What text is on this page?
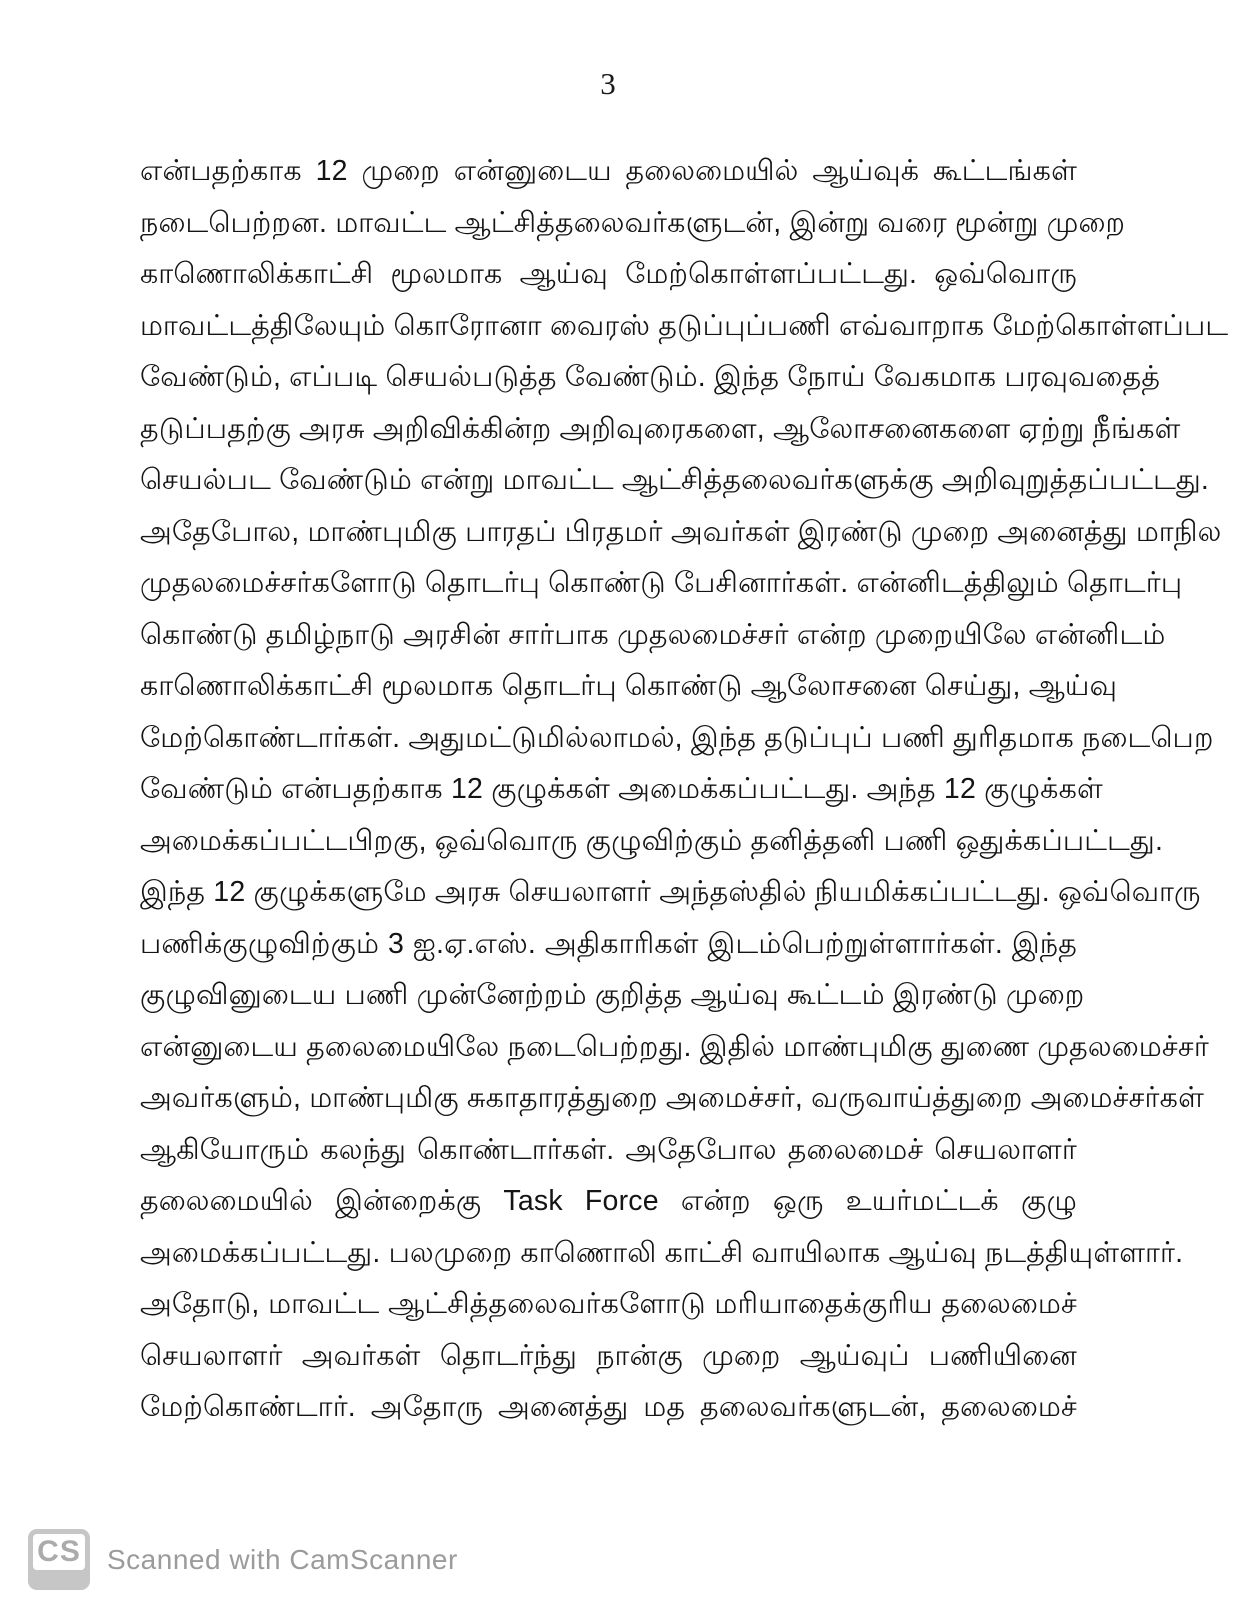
3
என்பதற்காக 12 முறை என்னுடைய தலைமையில் ஆய்வுக் கூட்டங்கள்
நடைபெற்றன. மாவட்ட ஆட்சித்தலைவர்களுடன், இன்று வரை மூன்று முறை
காணொலிக்காட்சி மூலமாக ஆய்வு மேற்கொள்ளப்பட்டது. ஒவ்வொரு
மாவட்டத்திலேயும் கொரோனா வைரஸ் தடுப்புப்பணி எவ்வாறாக மேற்கொள்ளப்பட
வேண்டும், எப்படி செயல்படுத்த வேண்டும். இந்த நோய் வேகமாக பரவுவதைத்
தடுப்பதற்கு அரசு அறிவிக்கின்ற அறிவுரைகளை, ஆலோசனைகளை ஏற்று நீங்கள்
செயல்பட வேண்டும் என்று மாவட்ட ஆட்சித்தலைவர்களுக்கு அறிவுறுத்தப்பட்டது.
அதேபோல, மாண்புமிகு பாரதப் பிரதமர் அவர்கள் இரண்டு முறை அனைத்து மாநில
முதலமைச்சர்களோடு தொடர்பு கொண்டு பேசினார்கள். என்னிடத்திலும் தொடர்பு
கொண்டு தமிழ்நாடு அரசின் சார்பாக முதலமைச்சர் என்ற முறையிலே என்னிடம்
காணொலிக்காட்சி மூலமாக தொடர்பு கொண்டு ஆலோசனை செய்து, ஆய்வு
மேற்கொண்டார்கள். அதுமட்டுமில்லாமல், இந்த தடுப்புப் பணி துரிதமாக நடைபெற
வேண்டும் என்பதற்காக 12 குழுக்கள் அமைக்கப்பட்டது. அந்த 12 குழுக்கள்
அமைக்கப்பட்டபிறகு, ஒவ்வொரு குழுவிற்கும் தனித்தனி பணி ஒதுக்கப்பட்டது.
இந்த 12 குழுக்களுமே அரசு செயலாளர் அந்தஸ்தில் நியமிக்கப்பட்டது. ஒவ்வொரு
பணிக்குழுவிற்கும் 3 ஐ.ஏ.எஸ். அதிகாரிகள் இடம்பெற்றுள்ளார்கள். இந்த
குழுவினுடைய பணி முன்னேற்றம் குறித்த ஆய்வு கூட்டம் இரண்டு முறை
என்னுடைய தலைமையிலே நடைபெற்றது. இதில் மாண்புமிகு துணை முதலமைச்சர்
அவர்களும், மாண்புமிகு சுகாதாரத்துறை அமைச்சர், வருவாய்த்துறை அமைச்சர்கள்
ஆகியோரும் கலந்து கொண்டார்கள். அதேபோல தலைமைச் செயலாளர்
தலைமையில் இன்றைக்கு Task Force என்ற ஒரு உயர்மட்டக் குழு
அமைக்கப்பட்டது. பலமுறை காணொலி காட்சி வாயிலாக ஆய்வு நடத்தியுள்ளார்.
அதோடு, மாவட்ட ஆட்சித்தலைவர்களோடு மரியாதைக்குரிய தலைமைச்
செயலாளர் அவர்கள் தொடர்ந்து நான்கு முறை ஆய்வுப் பணியினை
மேற்கொண்டார். அதோரு அனைத்து மத தலைவர்களுடன், தலைமைச்
CS Scanned with CamScanner
